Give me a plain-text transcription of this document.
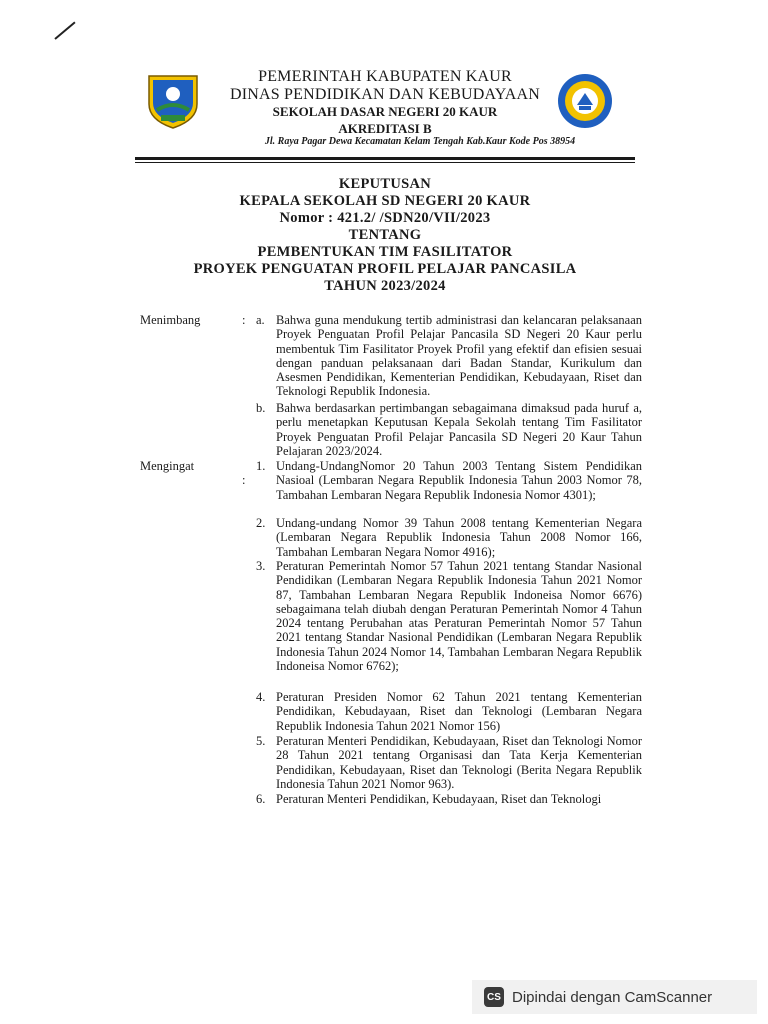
PEMERINTAH KABUPATEN KAUR
DINAS PENDIDIKAN DAN KEBUDAYAAN
SEKOLAH DASAR NEGERI 20 KAUR
AKREDITASI B
Jl. Raya Pagar Dewa Kecamatan Kelam Tengah Kab.Kaur Kode Pos 38954
KEPUTUSAN
KEPALA SEKOLAH SD NEGERI 20 KAUR
Nomor : 421.2/ /SDN20/VII/2023
TENTANG
PEMBENTUKAN TIM FASILITATOR
PROYEK PENGUATAN PROFIL PELAJAR PANCASILA
TAHUN 2023/2024
Menimbang	: a. Bahwa guna mendukung tertib administrasi dan kelancaran pelaksanaan Proyek Penguatan Profil Pelajar Pancasila SD Negeri 20 Kaur perlu membentuk Tim Fasilitator Proyek Profil yang efektif dan efisien sesuai dengan panduan pelaksanaan dari Badan Standar, Kurikulum dan Asesmen Pendidikan, Kementerian Pendidikan, Kebudayaan, Riset dan Teknologi Republik Indonesia.
b. Bahwa berdasarkan pertimbangan sebagaimana dimaksud pada huruf a, perlu menetapkan Keputusan Kepala Sekolah tentang Tim Fasilitator Proyek Penguatan Profil Pelajar Pancasila SD Negeri 20 Kaur Tahun Pelajaran 2023/2024.
Mengingat
:
1. Undang-UndangNomor 20 Tahun 2003 Tentang Sistem Pendidikan Nasioal (Lembaran Negara Republik Indonesia Tahun 2003 Nomor 78, Tambahan Lembaran Negara Republik Indonesia Nomor 4301);
2. Undang-undang Nomor 39 Tahun 2008 tentang Kementerian Negara (Lembaran Negara Republik Indonesia Tahun 2008 Nomor 166, Tambahan Lembaran Negara Nomor 4916);
3. Peraturan Pemerintah Nomor 57 Tahun 2021 tentang Standar Nasional Pendidikan (Lembaran Negara Republik Indonesia Tahun 2021 Nomor 87, Tambahan Lembaran Negara Republik Indoneisa Nomor 6676) sebagaimana telah diubah dengan Peraturan Pemerintah Nomor 4 Tahun 2024 tentang Perubahan atas Peraturan Pemerintah Nomor 57 Tahun 2021 tentang Standar Nasional Pendidikan (Lembaran Negara Republik Indonesia Tahun 2024 Nomor 14, Tambahan Lembaran Negara Republik Indoneisa Nomor 6762);
4. Peraturan Presiden Nomor 62 Tahun 2021 tentang Kementerian Pendidikan, Kebudayaan, Riset dan Teknologi (Lembaran Negara Republik Indonesia Tahun 2021 Nomor 156)
5. Peraturan Menteri Pendidikan, Kebudayaan, Riset dan Teknologi Nomor 28 Tahun 2021 tentang Organisasi dan Tata Kerja Kementerian Pendidikan, Kebudayaan, Riset dan Teknologi (Berita Negara Republik Indonesia Tahun 2021 Nomor 963).
6. Peraturan Menteri Pendidikan, Kebudayaan, Riset dan Teknologi
CS Dipindai dengan CamScanner
